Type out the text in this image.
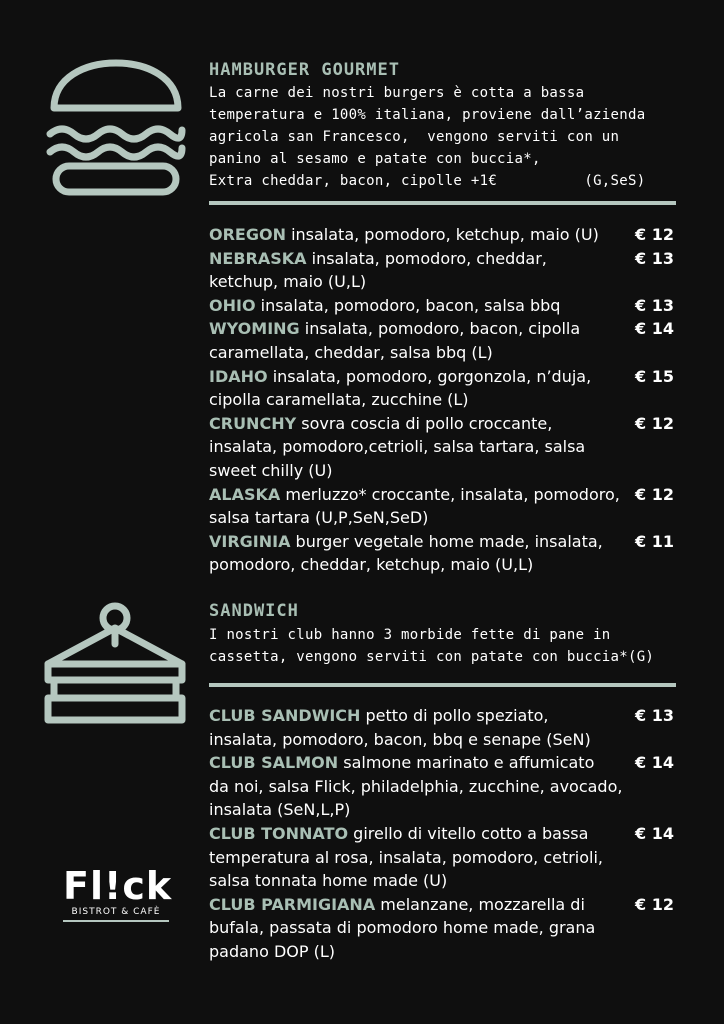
HAMBURGER GOURMET

La carne dei nostri burgers è cotta a bassa
temperatura e 100% italiana, proviene dall’azienda
agricola san Francesco,  vengono serviti con un
panino al sesamo e patate con buccia*,
Extra cheddar, bacon, cipolle +1€          (G,SeS)

OREGON insalata, pomodoro, ketchup, maio (U)	€ 12
NEBRASKA insalata, pomodoro, cheddar,
ketchup, maio (U,L)
€ 13
OHIO insalata, pomodoro, bacon, salsa bbq	€ 13
WYOMING insalata, pomodoro, bacon, cipolla
caramellata, cheddar, salsa bbq (L)
€ 14
IDAHO insalata, pomodoro, gorgonzola, n’duja,
cipolla caramellata, zucchine (L)
€ 15
CRUNCHY sovra coscia di pollo croccante,
insalata, pomodoro,cetrioli, salsa tartara, salsa
sweet chilly (U)
€ 12
ALASKA merluzzo* croccante, insalata, pomodoro,
salsa tartara (U,P,SeN,SeD)
€ 12
VIRGINIA burger vegetale home made, insalata,
pomodoro, cheddar, ketchup, maio (U,L)
€ 11
SANDWICH

I nostri club hanno 3 morbide fette di pane in
cassetta, vengono serviti con patate con buccia*(G)

CLUB SANDWICH petto di pollo speziato,
insalata, pomodoro, bacon, bbq e senape (SeN)
€ 13
CLUB SALMON salmone marinato e affumicato
da noi, salsa Flick, philadelphia, zucchine, avocado,
insalata (SeN,L,P)
€ 14
CLUB TONNATO girello di vitello cotto a bassa
temperatura al rosa, insalata, pomodoro, cetrioli,
salsa tonnata home made (U)
€ 14
CLUB PARMIGIANA melanzane, mozzarella di
bufala, passata di pomodoro home made, grana
padano DOP (L)
€ 12
Fl!ck
BISTROT & CAFÈ
